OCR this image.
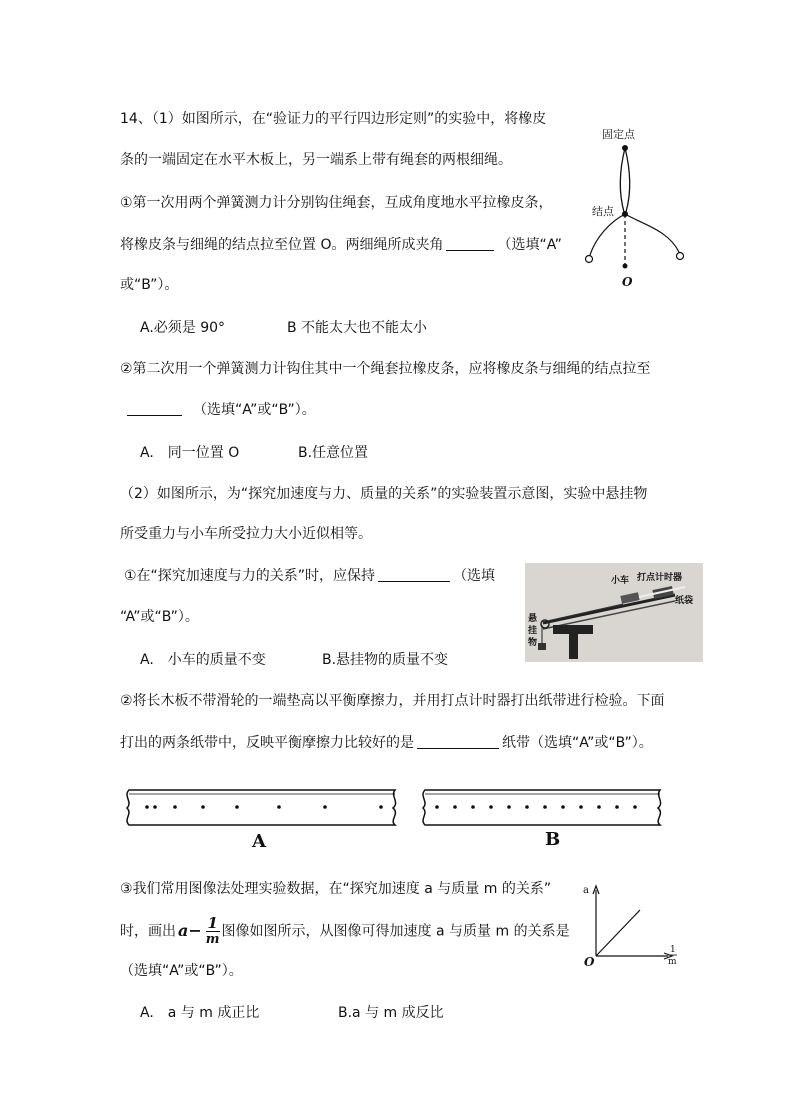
14、（1）如图所示，在“验证力的平行四边形定则”的实验中，将橡皮
条的一端固定在水平木板上，另一端系上带有绳套的两根细绳。
①第一次用两个弹簧测力计分别钩住绳套，互成角度地水平拉橡皮条，
将橡皮条与细绳的结点拉至位置 O。两细绳所成夹角	（选填“A”
或“B”）。
A.必须是 90°	B 不能太大也不能太小
②第二次用一个弹簧测力计钩住其中一个绳套拉橡皮条，应将橡皮条与细绳的结点拉至
（选填“A”或“B”）。
A.　同一位置 O	B.任意位置
固定点
结点
O
（2）如图所示，为“探究加速度与力、质量的关系”的实验装置示意图，实验中悬挂物
所受重力与小车所受拉力大小近似相等。
①在“探究加速度与力的关系”时，应保持	（选填
“A”或“B”）。
A.　小车的质量不变	B.悬挂物的质量不变
小车 打点计时器
纸袋
悬 挂 物
②将长木板不带滑轮的一端垫高以平衡摩擦力，并用打点计时器打出纸带进行检验。下面
打出的两条纸带中，反映平衡摩擦力比较好的是	纸带（选填“A”或“B”）。
A	B
③我们常用图像法处理实验数据，在“探究加速度 a 与质量 m 的关系”
时，画出 $a- \frac{1}{m}$ 图像如图所示，从图像可得加速度 a 与质量 m 的关系是
（选填“A”或“B”）。
A.　a 与 m 成正比	B.a 与 m 成反比
a
O
1
m
